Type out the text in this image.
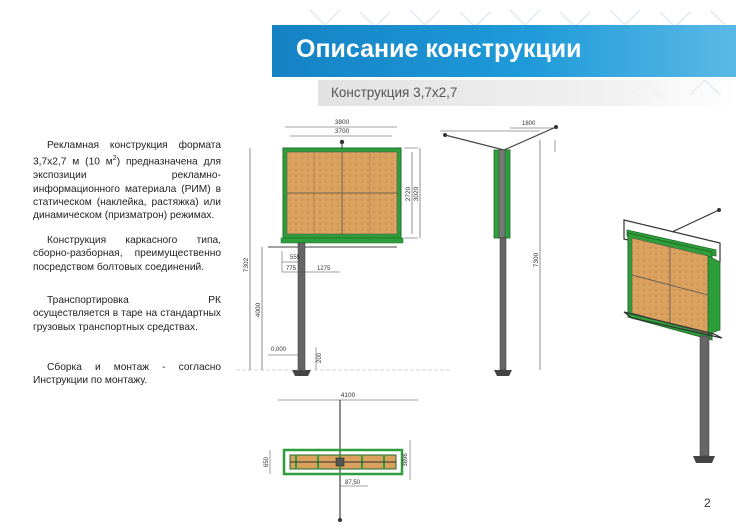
Описание конструкции
Конструкция 3,7x2,7

Рекламная конструкция формата 3,7x2,7 м (10 $м^2$) предназначена для экспозиции рекламно-информационного материала (РИМ) в статическом (наклейка, растяжка) или динамическом (призматрон) режимах.

Конструкция каркасного типа, сборно-разборная, преимущественно посредством болтовых соединений.

Транспортировка РК осуществляется в таре на стандартных грузовых транспортных средствах.

Сборка и монтаж - согласно Инструкции по монтажу.

3800
3700
2720 3020
7302
4000
555
775	1275
0,000
200
1800
7300
4100
650	3896
87,50
2
